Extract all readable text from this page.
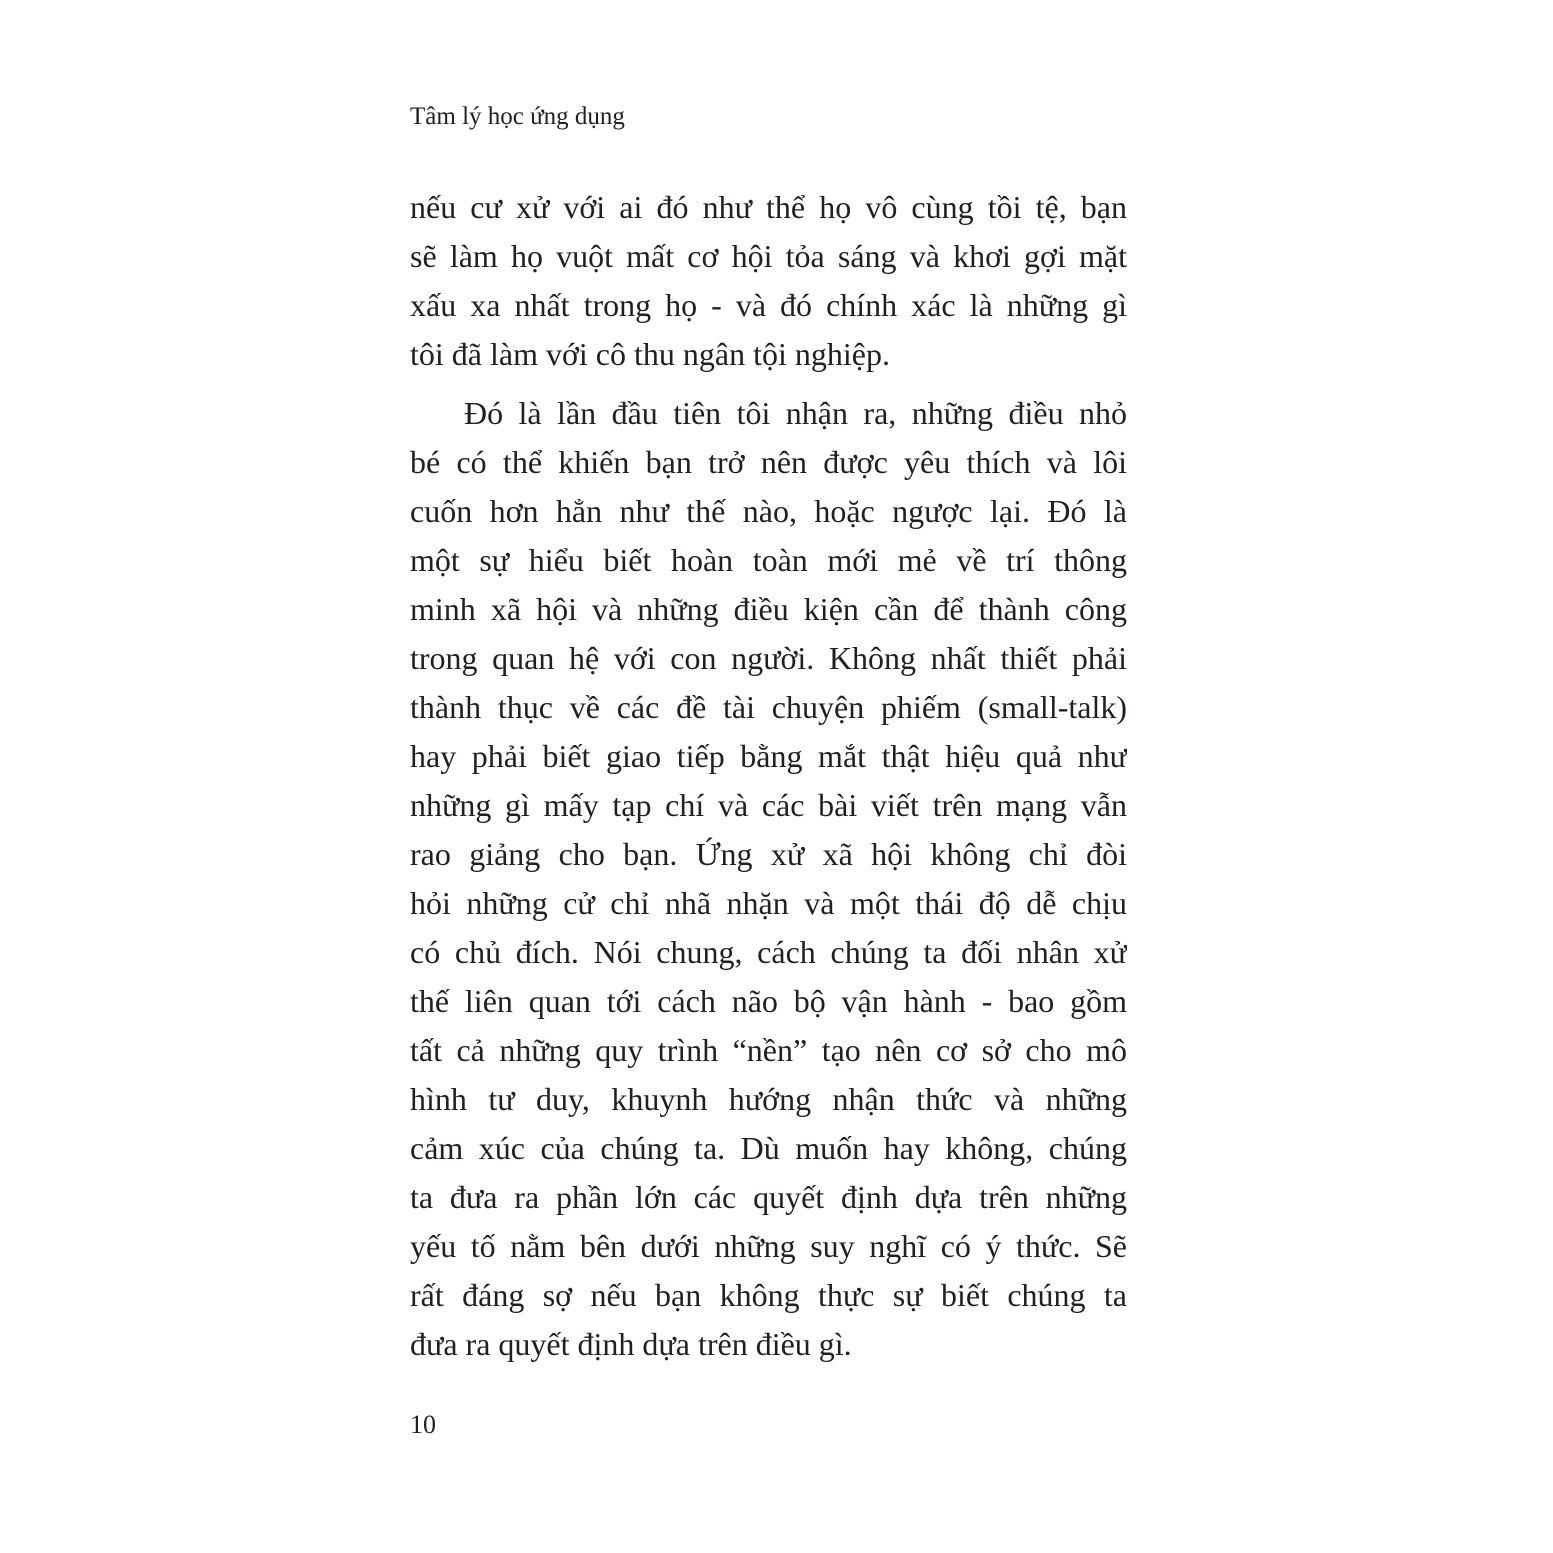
Tâm lý học ứng dụng
nếu cư xử với ai đó như thể họ vô cùng tồi tệ, bạn
sẽ làm họ vuột mất cơ hội tỏa sáng và khơi gợi mặt
xấu xa nhất trong họ - và đó chính xác là những gì
tôi đã làm với cô thu ngân tội nghiệp.
Đó là lần đầu tiên tôi nhận ra, những điều nhỏ
bé có thể khiến bạn trở nên được yêu thích và lôi
cuốn hơn hẳn như thế nào, hoặc ngược lại. Đó là
một sự hiểu biết hoàn toàn mới mẻ về trí thông
minh xã hội và những điều kiện cần để thành công
trong quan hệ với con người. Không nhất thiết phải
thành thục về các đề tài chuyện phiếm (small-talk)
hay phải biết giao tiếp bằng mắt thật hiệu quả như
những gì mấy tạp chí và các bài viết trên mạng vẫn
rao giảng cho bạn. Ứng xử xã hội không chỉ đòi
hỏi những cử chỉ nhã nhặn và một thái độ dễ chịu
có chủ đích. Nói chung, cách chúng ta đối nhân xử
thế liên quan tới cách não bộ vận hành - bao gồm
tất cả những quy trình “nền” tạo nên cơ sở cho mô
hình tư duy, khuynh hướng nhận thức và những
cảm xúc của chúng ta. Dù muốn hay không, chúng
ta đưa ra phần lớn các quyết định dựa trên những
yếu tố nằm bên dưới những suy nghĩ có ý thức. Sẽ
rất đáng sợ nếu bạn không thực sự biết chúng ta
đưa ra quyết định dựa trên điều gì.
10
